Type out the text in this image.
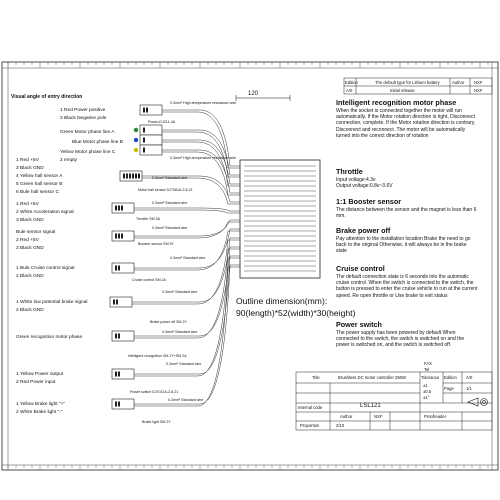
Visual angle of entry direction	120
1 Red Power positive
2 Black Negative pole
Power-DJ211-4A
0.3mm² High-temperature resistance wire
Green Motor phase line A
Blue Motor phase line B
Yellow Motor phase line C
0.3mm² High-temperature resistance wire
1 Red +5V	2 empty
3 Black GND
4 Yellow hall sensor A
5 Green hall sensor B
6 Bule hall sensor C	Motor hall sensor DJ7061A-2.8-21
0.3mm² Standard wire
1 Red +5V
2 White Acceleration signal
3 Black GND	Throttle SM 3A
0.3mm² Standard wire
Bule sensor signal
2 Red +5V
3 Black GND
Booster sensor SM 3Y
0.3mm² Standard wire
1 Bule Cruise control signal
2 Black GND
Cruise control SM 2A
0.3mm² Standard wire
1 White low potential brake signal
2 Black GND
Brake power off SM 2Y
0.3mm² Standard wire
Green recognition motor phase
Intelligent recognition SM 2Y+SM 2A
0.3mm² Standard wire
1 Yellow Power output
2 Red Power input
Power switch DJ7021A-2.8-21
0.3mm² Standard wire
1 Yellow Brake light "+"
2 White Brake light "-"
Brake light SM 2Y
0.3mm² Standard wire
Outline dimension(mm):
90(length)*52(width)*30(height)
Edition	The default type for Lithium battery	Author NXF
A/0	Initial release	NXF
Intelligent recognition motor phase
When the socket is connected together the motor will run automatically. If the Motor rotation direction is right, Disconnect connection, complete. If the Motor rotation direction is contrary, Disconnect and reconnect. The motor will be automatically turned into the correct direction of rotation
Throttle
Input voltage:4.3v
Output voltage:0.8v~3.6V
1:1 Booster sensor
The distance between the sensor and the magnet is less than 6 mm.
Brake power off
Pay attention to the installation location Brake the need to go back to the original Otherwise, it will always be in the brake state
Cruise control
The default connection state is 6 seconds into the automatic cruise control. When the switch is connected to the switch, the button is pressed to enter the cruise vehicle to run at the current speed. Re open throttle or Use brake to exit status
Power switch
The power supply has been powered by default When connected to the switch, the switch is switched on and the power is switched on, and the switch is switched off.
FAX
Tel
Title	Brushless DC motor controller 250W	Tolerance Edition A/0
Page	1/1
±1
±0.5
±1°
Internal code	LSL121
Author	NXF	Proofreader
Proportion	2/10
